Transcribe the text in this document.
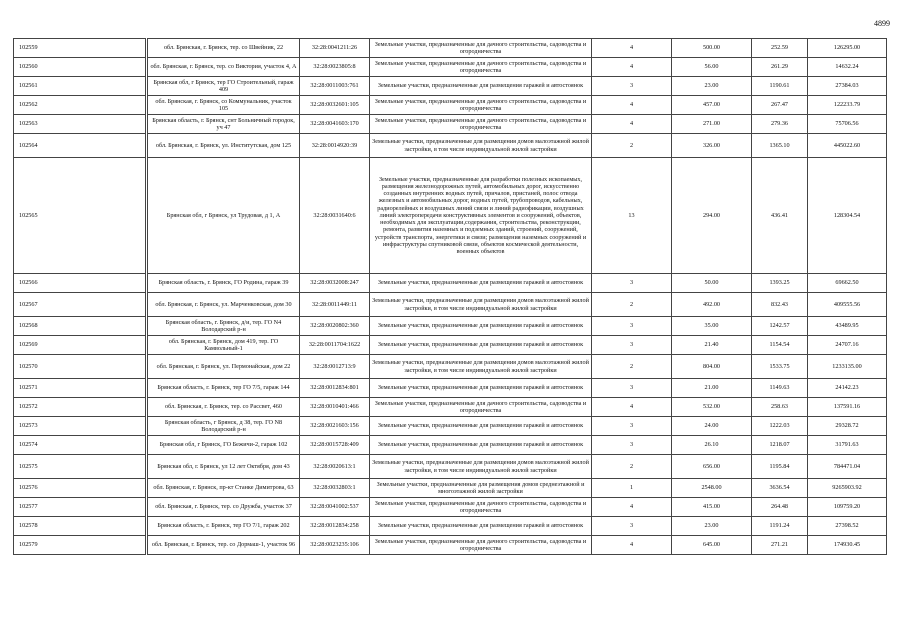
4899
102559		обл. Брянская, г. Брянск, тер. со Швейник, 22	32:28:0041211:26	Земельные участки, предназначенные для дачного строительства, садоводства и огородничества	4	500.00	252.59	126295.00
102560		обл. Брянская, г. Брянск, тер. со Виктория, участок 4, А	32:28:0023805:8	Земельные участки, предназначенные для дачного строительства, садоводства и огородничества	4	56.00	261.29	14632.24
102561		Брянская обл, г Брянск, тер ГО Строительный, гараж 409	32:28:0011003:761	Земельные участки, предназначенные для размещения гаражей и автостоянок	3	23.00	1190.61	27384.03
102562		обл. Брянская, г. Брянск, со Коммунальник, участок 105	32:28:0032601:105	Земельные участки, предназначенные для дачного строительства, садоводства и огородничества	4	457.00	267.47	122233.79
102563		Брянская область, г. Брянск, снт Больничный городок, уч 47	32:28:0041603:170	Земельные участки, предназначенные для дачного строительства, садоводства и огородничества	4	271.00	279.36	75706.56
102564		обл. Брянская, г. Брянск, ул. Институтская, дом 125	32:28:0014920:39	Земельные участки, предназначенные для размещения домов малоэтажной жилой застройки, в том числе индивидуальной жилой застройки	2	326.00	1365.10	445022.60
102565		Брянская обл, г Брянск, ул Трудовая, д 1, А	32:28:0031640:6	Земельные участки, предназначенные для разработки полезных ископаемых, размещения железнодорожных путей, автомобильных дорог, искусственно созданных внутренних водных путей, причалов, пристаней, полос отвода железных и автомобильных дорог, водных путей, трубопроводов, кабельных, радиорелейных и воздушных линий связи и линий радиофикации, воздушных линий электропередачи конструктивных элементов и сооружений, объектов, необходимых для эксплуатации,содержания, строительства, реконструкции, ремонта, развития наземных и подземных зданий, строений, сооружений, устройств транспорта, энергетики и связи; размещения наземных сооружений и инфраструктуры спутниковой связи, объектов космической деятельности, военных объектов	13	294.00	436.41	128304.54
102566		Брянская область, г. Брянск, ГО Родина, гараж 39	32:28:0032008:247	Земельные участки, предназначенные для размещения гаражей и автостоянок	3	50.00	1393.25	69662.50
102567		обл. Брянская, г. Брянск, ул. Марченковская, дом 30	32:28:0011449:11	Земельные участки, предназначенные для размещения домов малоэтажной жилой застройки, в том числе индивидуальной жилой застройки	2	492.00	832.43	409555.56
102568		Брянская область, г. Брянск, д/и, тер. ГО N4 Володарский р-н	32:28:0020802:360	Земельные участки, предназначенные для размещения гаражей и автостоянок	3	35.00	1242.57	43489.95
102569		обл. Брянская, г. Брянск, дом 419, тер. ГО Камвольный-1	32:28:0011704:1622	Земельные участки, предназначенные для размещения гаражей и автостоянок	3	21.40	1154.54	24707.16
102570		обл. Брянская, г. Брянск, ул. Пермонайская, дом 22	32:28:0012713:9	Земельные участки, предназначенные для размещения домов малоэтажной жилой застройки, в том числе индивидуальной жилой застройки	2	804.00	1533.75	1233135.00
102571		Брянская область, г. Брянск, тер ГО 7/5, гараж 144	32:28:0012834:801	Земельные участки, предназначенные для размещения гаражей и автостоянок	3	21.00	1149.63	24142.23
102572		обл. Брянская, г. Брянск, тер. со Рассвет, 460	32:28:0010401:466	Земельные участки, предназначенные для дачного строительства, садоводства и огородничества	4	532.00	258.63	137591.16
102573		Брянская область, г Брянск, д 38, тер. ГО N8 Володарский р-н	32:28:0021603:156	Земельные участки, предназначенные для размещения гаражей и автостоянок	3	24.00	1222.03	29328.72
102574		Брянская обл, г Брянск, ГО Бежичи-2, гараж 102	32:28:0015728:409	Земельные участки, предназначенные для размещения гаражей и автостоянок	3	26.10	1218.07	31791.63
102575		Брянская обл, г. Брянск, ул 12 лет Октября, дом 43	32:28:0020613:1	Земельные участки, предназначенные для размещения домов малоэтажной жилой застройки, в том числе индивидуальной жилой застройки	2	656.00	1195.84	784471.04
102576		обл. Брянская, г. Брянск, пр-кт Станке Димитрова, 63	32:28:0032803:1	Земельные участки, предназначенные для размещения домов среднеэтажной и многоэтажной жилой застройки	1	2548.00	3636.54	9265903.92
102577		обл. Брянская, г. Брянск, тер. со Дружба, участок 37	32:28:0041002:537	Земельные участки, предназначенные для дачного строительства, садоводства и огородничества	4	415.00	264.48	109759.20
102578		Брянская область, г. Брянск, тер ГО 7/1, гараж 202	32:28:0012834:258	Земельные участки, предназначенные для размещения гаражей и автостоянок	3	23.00	1191.24	27398.52
102579		обл. Брянская, г. Брянск, тер. со Дормаш-1, участок 96	32:28:0023235:106	Земельные участки, предназначенные для дачного строительства, садоводства и огородничества	4	645.00	271.21	174930.45
